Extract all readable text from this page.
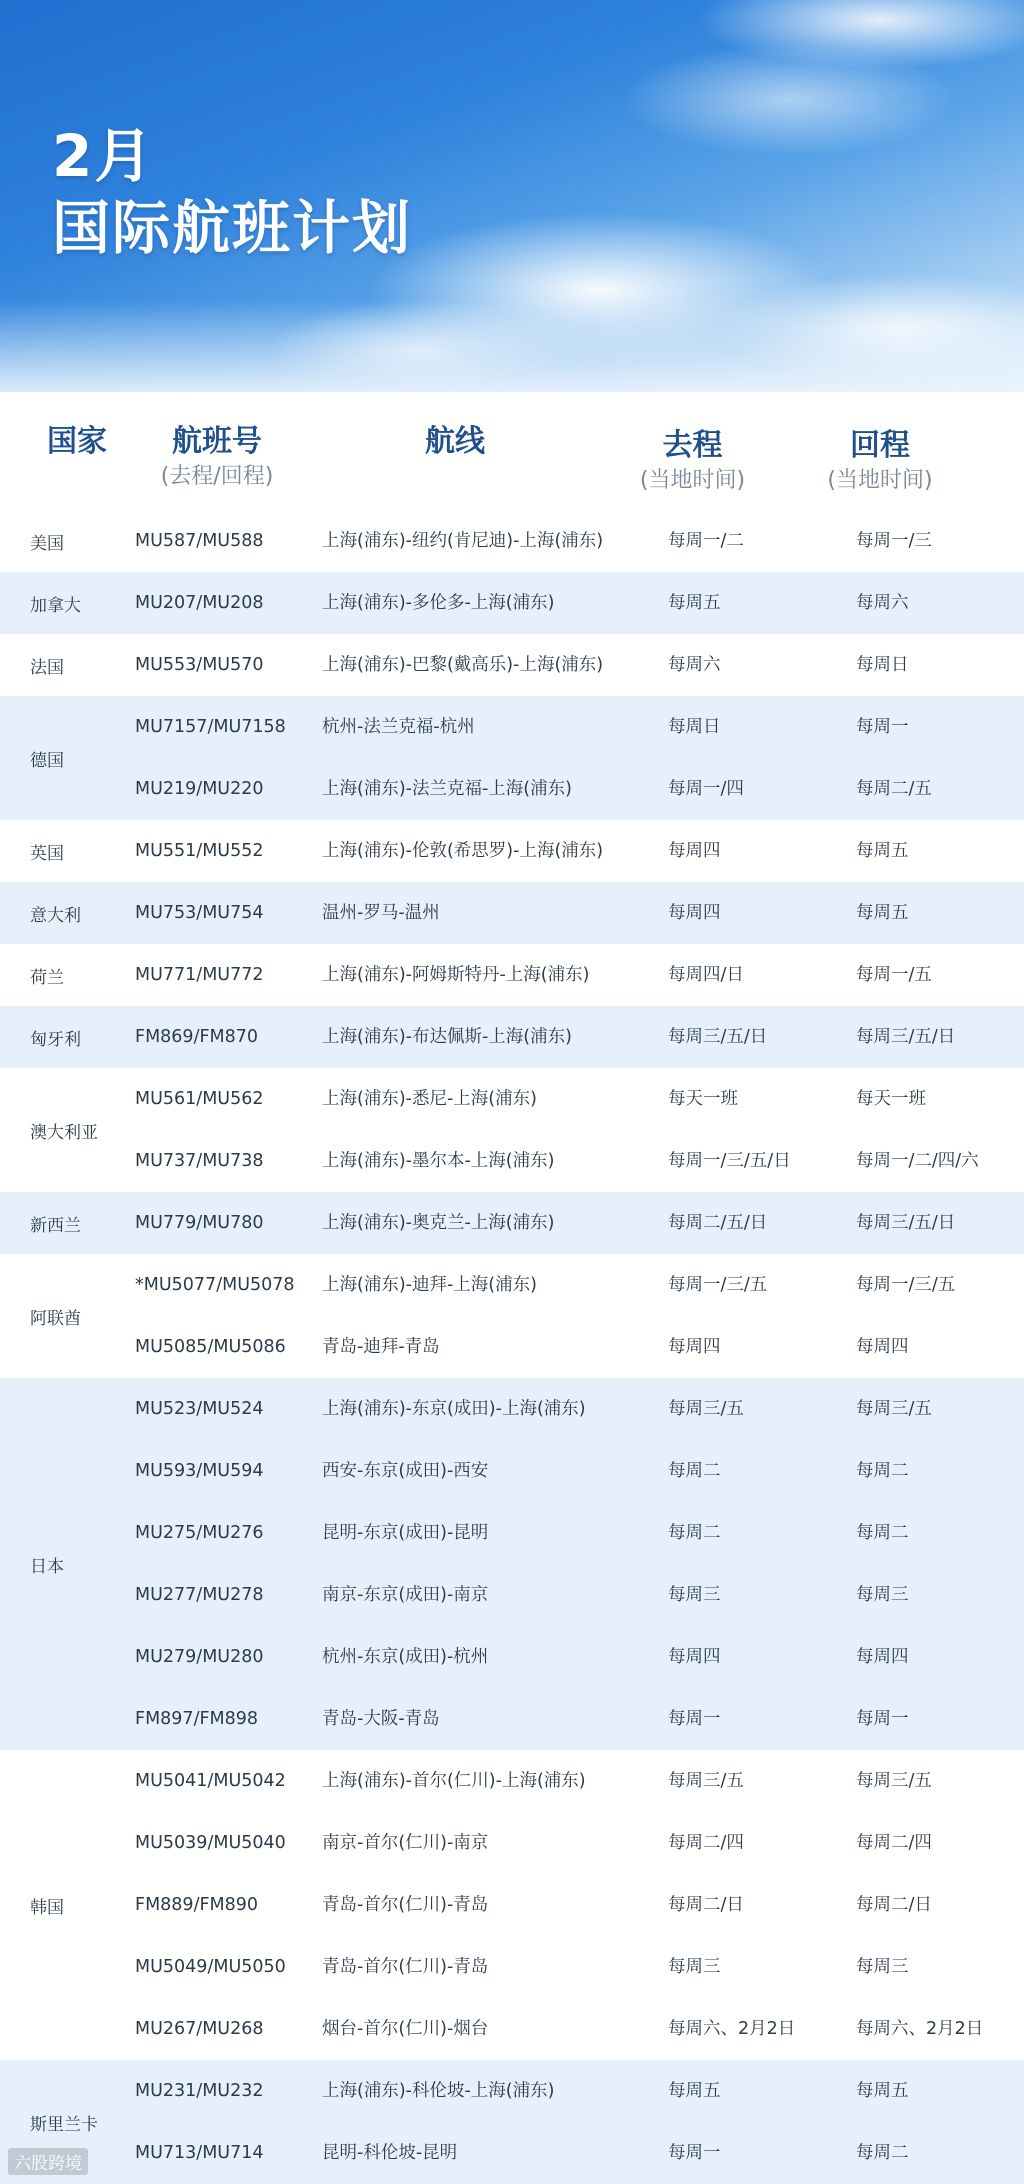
2月
国际航班计划
国家	航班号
(去程/回程)
航线	去程
(当地时间)
回程
(当地时间)
美国	MU587/MU588	上海(浦东)-纽约(肯尼迪)-上海(浦东)	每周一/二	每周一/三
加拿大	MU207/MU208	上海(浦东)-多伦多-上海(浦东)	每周五	每周六
法国	MU553/MU570	上海(浦东)-巴黎(戴高乐)-上海(浦东)	每周六	每周日
德国
MU7157/MU7158 杭州-法兰克福-杭州	每周日	每周一
MU219/MU220	上海(浦东)-法兰克福-上海(浦东)	每周一/四	每周二/五
英国	MU551/MU552	上海(浦东)-伦敦(希思罗)-上海(浦东)	每周四	每周五
意大利	MU753/MU754	温州-罗马-温州	每周四	每周五
荷兰	MU771/MU772	上海(浦东)-阿姆斯特丹-上海(浦东)	每周四/日	每周一/五
匈牙利	FM869/FM870	上海(浦东)-布达佩斯-上海(浦东)	每周三/五/日	每周三/五/日
澳大利亚
MU561/MU562	上海(浦东)-悉尼-上海(浦东)	每天一班	每天一班
MU737/MU738	上海(浦东)-墨尔本-上海(浦东)	每周一/三/五/日	每周一/二/四/六
新西兰	MU779/MU780	上海(浦东)-奥克兰-上海(浦东)	每周二/五/日	每周三/五/日
阿联酋
*MU5077/MU5078 上海(浦东)-迪拜-上海(浦东)	每周一/三/五	每周一/三/五
MU5085/MU5086 青岛-迪拜-青岛	每周四	每周四
日本
MU523/MU524	上海(浦东)-东京(成田)-上海(浦东)	每周三/五	每周三/五
MU593/MU594	西安-东京(成田)-西安	每周二	每周二
MU275/MU276	昆明-东京(成田)-昆明	每周二	每周二
MU277/MU278	南京-东京(成田)-南京	每周三	每周三
MU279/MU280	杭州-东京(成田)-杭州	每周四	每周四
FM897/FM898	青岛-大阪-青岛	每周一	每周一
韩国
MU5041/MU5042 上海(浦东)-首尔(仁川)-上海(浦东)	每周三/五	每周三/五
MU5039/MU5040 南京-首尔(仁川)-南京	每周二/四	每周二/四
FM889/FM890	青岛-首尔(仁川)-青岛	每周二/日	每周二/日
MU5049/MU5050 青岛-首尔(仁川)-青岛	每周三	每周三
MU267/MU268	烟台-首尔(仁川)-烟台	每周六、2月2日	每周六、2月2日
斯里兰卡
MU231/MU232	上海(浦东)-科伦坡-上海(浦东)	每周五	每周五
MU713/MU714	昆明-科伦坡-昆明	每周一	每周二
六股跨境
